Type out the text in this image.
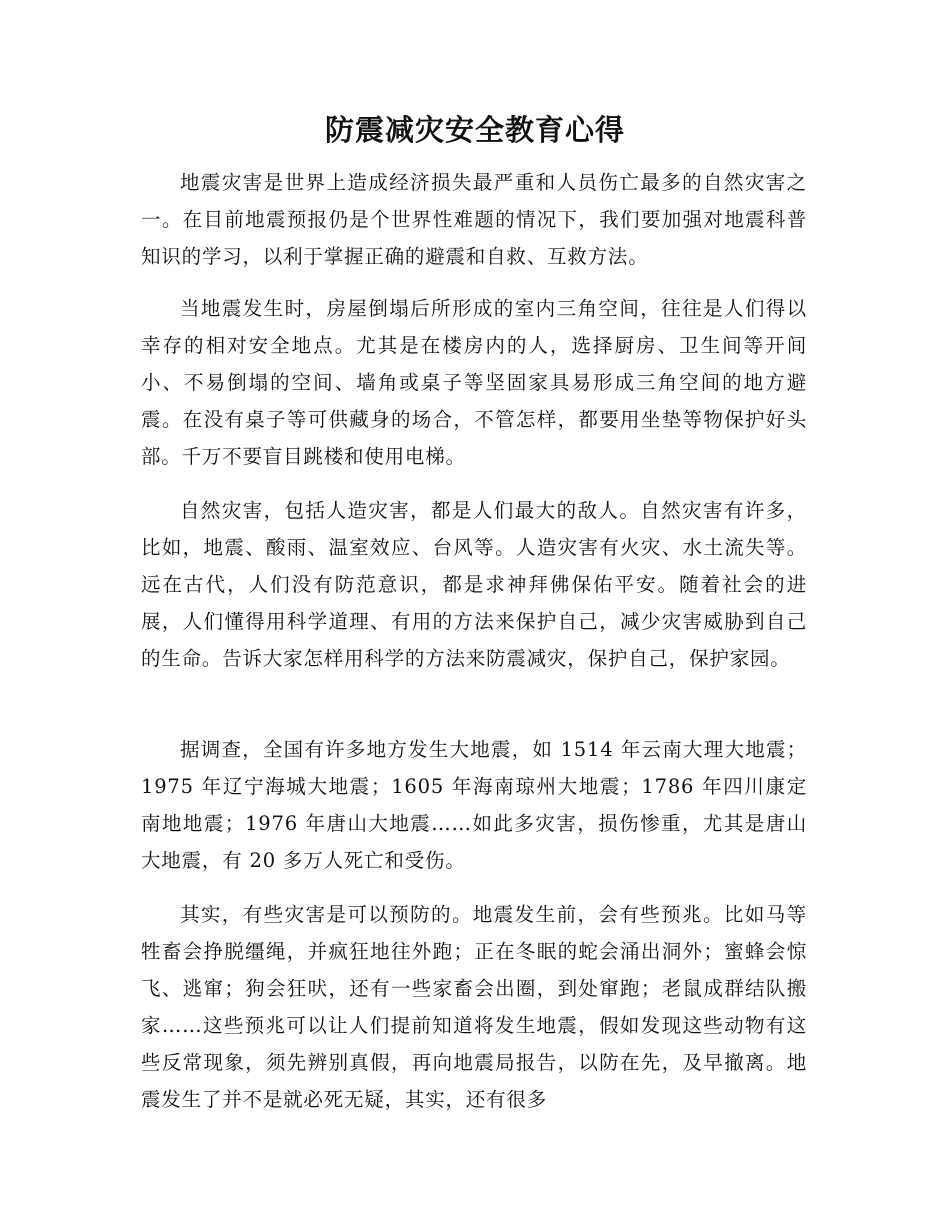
防震减灾安全教育心得

地震灾害是世界上造成经济损失最严重和人员伤亡最多的自然灾害之一。在目前地震预报仍是个世界性难题的情况下，我们要加强对地震科普知识的学习，以利于掌握正确的避震和自救、互救方法。

当地震发生时，房屋倒塌后所形成的室内三角空间，往往是人们得以幸存的相对安全地点。尤其是在楼房内的人，选择厨房、卫生间等开间小、不易倒塌的空间、墙角或桌子等坚固家具易形成三角空间的地方避震。在没有桌子等可供藏身的场合，不管怎样，都要用坐垫等物保护好头部。千万不要盲目跳楼和使用电梯。

自然灾害，包括人造灾害，都是人们最大的敌人。自然灾害有许多，比如，地震、酸雨、温室效应、台风等。人造灾害有火灾、水土流失等。远在古代，人们没有防范意识，都是求神拜佛保佑平安。随着社会的进展，人们懂得用科学道理、有用的方法来保护自己，减少灾害威胁到自己的生命。告诉大家怎样用科学的方法来防震减灾，保护自己，保护家园。

据调查，全国有许多地方发生大地震，如 1514 年云南大理大地震；1975 年辽宁海城大地震；1605 年海南琼州大地震；1786 年四川康定南地地震；1976 年唐山大地震……如此多灾害，损伤惨重，尤其是唐山大地震，有 20 多万人死亡和受伤。

其实，有些灾害是可以预防的。地震发生前，会有些预兆。比如马等牲畜会挣脱缰绳，并疯狂地往外跑；正在冬眠的蛇会涌出洞外；蜜蜂会惊飞、逃窜；狗会狂吠，还有一些家畜会出圈，到处窜跑；老鼠成群结队搬家……这些预兆可以让人们提前知道将发生地震，假如发现这些动物有这些反常现象，须先辨别真假，再向地震局报告，以防在先，及早撤离。地震发生了并不是就必死无疑，其实，还有很多
